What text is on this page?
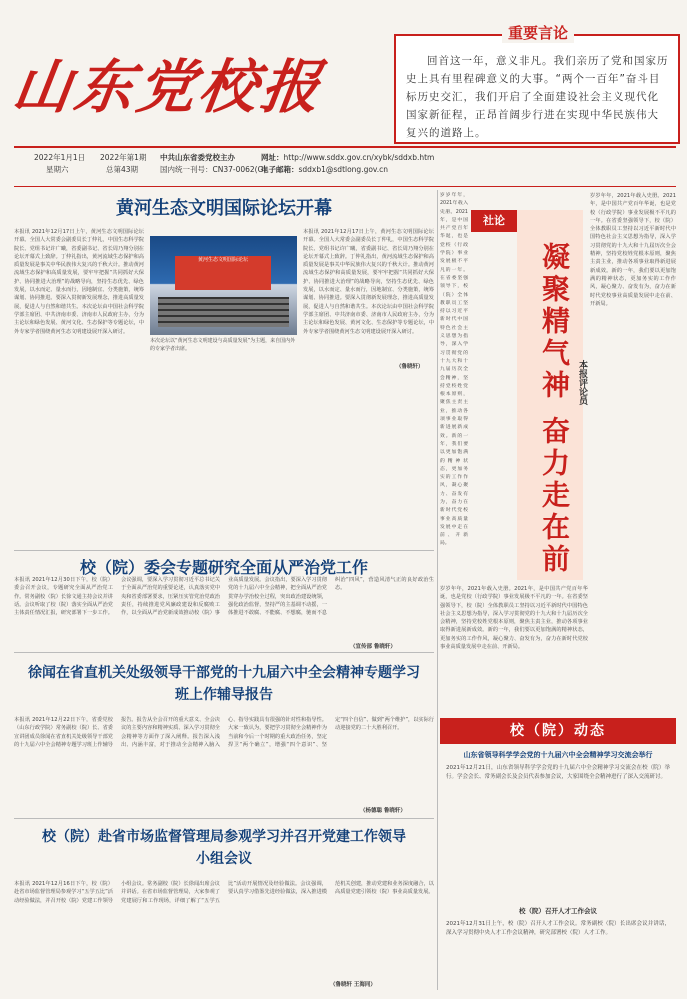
山东党校报
重要言论
回首这一年，意义非凡。我们亲历了党和国家历史上具有里程碑意义的大事。“两个一百年”奋斗目标历史交汇，我们开启了全面建设社会主义现代化国家新征程，正昂首阔步行进在实现中华民族伟大复兴的道路上。
2022年1月1日
星期六
2022年第1期
总第43期
中共山东省委党校主办
国内统一刊号：CN37-0062(G)
网址：http://www.sddx.gov.cn/xybk/sddxb.htm
电子邮箱：sddxb1@sdtlong.gov.cn
黄河生态文明国际论坛开幕
本报讯 2021年12月17日上午，黄河生态文明国际论坛开幕。全国人大常委会副委员长丁仲礼，中国生态科学院院长、党组书记许广曦，省委副书记、省长周乃翔分别在论坛开幕式上致辞。丁仲礼指出，黄河流域生态保护和高质量发展是事关中华民族伟大复兴的千秋大计。推动黄河流域生态保护和高质量发展，要牢牢把握“共同抓好大保护、协同推进大治理”的战略导向，坚持生态优先、绿色发展，以水而定、量水而行，因地制宜、分类施策，统筹谋划、协同推进。要深入贯彻新发展理念，推进高质量发展，促进人与自然和谐共生。本次论坛由中国社会科学院学部主席团、中共济南市委、济南市人民政府主办，分为主论坛和绿色发展、黄河文化、生态保护等专题论坛，中外专家学者围绕黄河生态文明建设展开深入研讨。
黄河生态文明国际论坛
本次论坛以“黄河生态文明建设与高质量发展”为主题，来自国内外的专家学者出席。
本报讯 2021年12月17日上午，黄河生态文明国际论坛开幕。全国人大常委会副委员长丁仲礼，中国生态科学院院长、党组书记许广曦，省委副书记、省长周乃翔分别在论坛开幕式上致辞。丁仲礼指出，黄河流域生态保护和高质量发展是事关中华民族伟大复兴的千秋大计。推动黄河流域生态保护和高质量发展，要牢牢把握“共同抓好大保护、协同推进大治理”的战略导向，坚持生态优先、绿色发展，以水而定、量水而行，因地制宜、分类施策，统筹谋划、协同推进。要深入贯彻新发展理念，推进高质量发展，促进人与自然和谐共生。本次论坛由中国社会科学院学部主席团、中共济南市委、济南市人民政府主办，分为主论坛和绿色发展、黄河文化、生态保护等专题论坛，中外专家学者围绕黄河生态文明建设展开深入研讨。
（鲁晓轩）
校（院）委会专题研究全面从严治党工作
本报讯 2021年12月30日下午，校（院）委会召开会议，专题研究全面从严治党工作。常务副校（院）长徐文通主持会议并讲话。会议听取了校（院）落实全面从严治党主体责任情况汇报，研究部署下一步工作。会议强调，要深入学习贯彻习近平总书记关于全面从严治党的重要论述，认真落实党中央和省委部署要求，压紧压实管党治党政治责任，持续推进党风廉政建设和反腐败工作，以全面从严治党新成效推动校（院）事业高质量发展。会议指出，要深入学习贯彻党的十九届六中全会精神，把全面从严治党贯穿办学治校全过程，突出政治建设统领，强化政治监督，坚持严的主基调不动摇，一体推进不敢腐、不能腐、不想腐，驰而不息纠治“四风”，营造风清气正的良好政治生态。
（宣传部 鲁晓轩）
徐闻在省直机关处级领导干部党的十九届六中全会精神专题学习班上作辅导报告
本报讯 2021年12月22日下午，省委党校（山东行政学院）常务副校（院）长、省委宣讲团成员徐闻在省直机关处级领导干部党的十九届六中全会精神专题学习班上作辅导报告。报告从全会召开的重大意义、全会决议的主要内容和精神实质、深入学习贯彻全会精神等方面作了深入阐释。报告深入浅出、内涵丰富，对于推动全会精神入脑入心、指导实践具有很强的针对性和指导性。大家一致认为，要把学习贯彻全会精神作为当前和今后一个时期的重大政治任务，坚定捍卫“两个确立”，增强“四个意识”、坚定“四个自信”、做到“两个维护”，以实际行动迎接党的二十大胜利召开。
（杨德聪 鲁晓轩）
校（院）赴省市场监督管理局参观学习并召开党建工作领导小组会议
本报讯 2021年12月16日下午，校（院）赴省市场监督管理局参观学习“五学五比”活动经验做法，并召开校（院）党建工作领导小组会议。常务副校（院）长徐闻出席会议并讲话。在省市场监督管理局，大家参观了党建展厅和工作现场，详细了解了“五学五比”活动开展情况及经验做法。会议强调，要认真学习借鉴先进经验做法，深入推进模范机关创建，推动党建和业务深度融合，以高质量党建引领校（院）事业高质量发展。
（鲁晓轩 王海同）
岁岁年年，2021年载入史册。2021年，是中国共产党百年华诞，也是党校（行政学院）事业发展极不平凡的一年。在省委坚强领导下，校（院）全体教职员工坚持以习近平新时代中国特色社会主义思想为指导，深入学习贯彻党的十九大和十九届历次全会精神，坚持党校姓党根本原则，聚焦主责主业，推动各项事业取得新进展新成效。新的一年，我们要以更加饱满的精神状态，更加务实的工作作风，凝心聚力、奋发有为，奋力在新时代党校事业高质量发展中走在前、开新局。
社论
凝聚精气神 奋力走在前 本报评论员
岁岁年年，2021年载入史册。2021年，是中国共产党百年华诞，也是党校（行政学院）事业发展极不平凡的一年。在省委坚强领导下，校（院）全体教职员工坚持以习近平新时代中国特色社会主义思想为指导，深入学习贯彻党的十九大和十九届历次全会精神，坚持党校姓党根本原则，聚焦主责主业，推动各项事业取得新进展新成效。新的一年，我们要以更加饱满的精神状态，更加务实的工作作风，凝心聚力、奋发有为，奋力在新时代党校事业高质量发展中走在前、开新局。
岁岁年年，2021年载入史册。2021年，是中国共产党百年华诞，也是党校（行政学院）事业发展极不平凡的一年。在省委坚强领导下，校（院）全体教职员工坚持以习近平新时代中国特色社会主义思想为指导，深入学习贯彻党的十九大和十九届历次全会精神，坚持党校姓党根本原则，聚焦主责主业，推动各项事业取得新进展新成效。新的一年，我们要以更加饱满的精神状态，更加务实的工作作风，凝心聚力、奋发有为，奋力在新时代党校事业高质量发展中走在前、开新局。
校（院）动态
山东省领导科学学会党的十九届六中全会精神学习交流会举行
2021年12月21日，山东省领导科学学会党的十九届六中全会精神学习交流会在校（院）举行。学会会长、常务副会长及会员代表参加会议，大家围绕全会精神进行了深入交流研讨。
校（院）召开人才工作会议
2021年12月31日上午，校（院）召开人才工作会议。常务副校（院）长出席会议并讲话，深入学习贯彻中央人才工作会议精神，研究部署校（院）人才工作。
